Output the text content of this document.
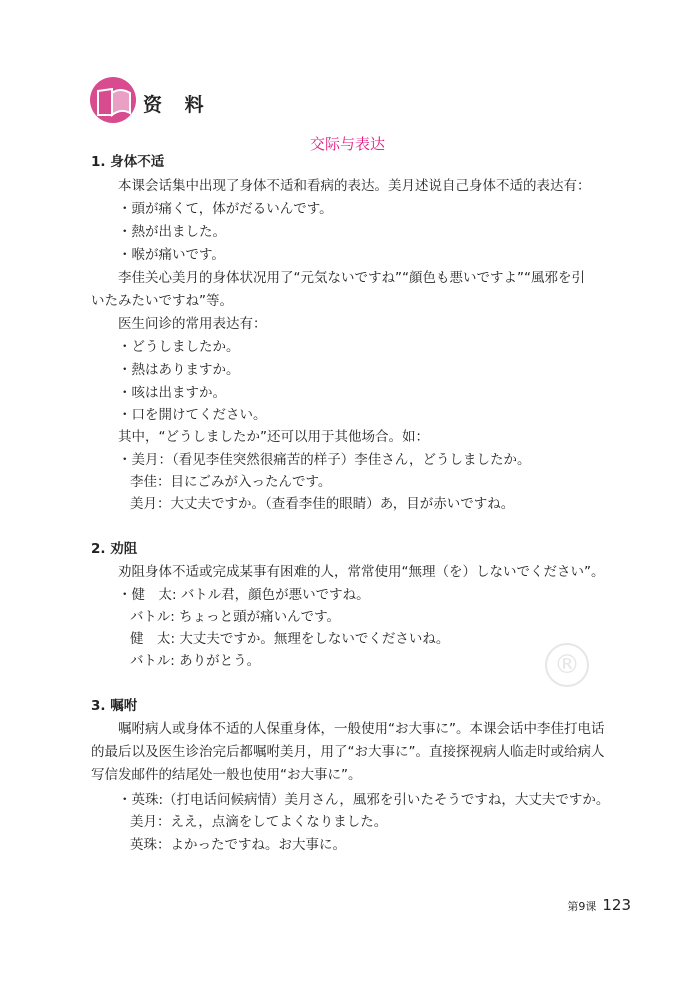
资 料
交际与表达
®
1. 身体不适
本课会话集中出现了身体不适和看病的表达。美月述说自己身体不适的表达有：
・頭が痛くて，体がだるいんです。
・熱が出ました。
・喉が痛いです。
李佳关心美月的身体状况用了“元気ないですね”“顔色も悪いですよ”“風邪を引
いたみたいですね”等。
医生问诊的常用表达有：
・どうしましたか。
・熱はありますか。
・咳は出ますか。
・口を開けてください。
其中，“どうしましたか”还可以用于其他场合。如：
・美月：（看见李佳突然很痛苦的样子）李佳さん，どうしましたか。
李佳：目にごみが入ったんです。
美月：大丈夫ですか。（查看李佳的眼睛）あ，目が赤いですね。
2. 劝阻
劝阻身体不适或完成某事有困难的人，常常使用“無理（を）しないでください”。
・健　太: バトル君，顔色が悪いですね。
バトル: ちょっと頭が痛いんです。
健　太: 大丈夫ですか。無理をしないでくださいね。
バトル: ありがとう。
3. 嘱咐
嘱咐病人或身体不适的人保重身体，一般使用“お大事に”。本课会话中李佳打电话
的最后以及医生诊治完后都嘱咐美月，用了“お大事に”。直接探视病人临走时或给病人
写信发邮件的结尾处一般也使用“お大事に”。
・英珠:（打电话问候病情）美月さん，風邪を引いたそうですね，大丈夫ですか。
美月：ええ，点滴をしてよくなりました。
英珠：よかったですね。お大事に。
第9课 123
